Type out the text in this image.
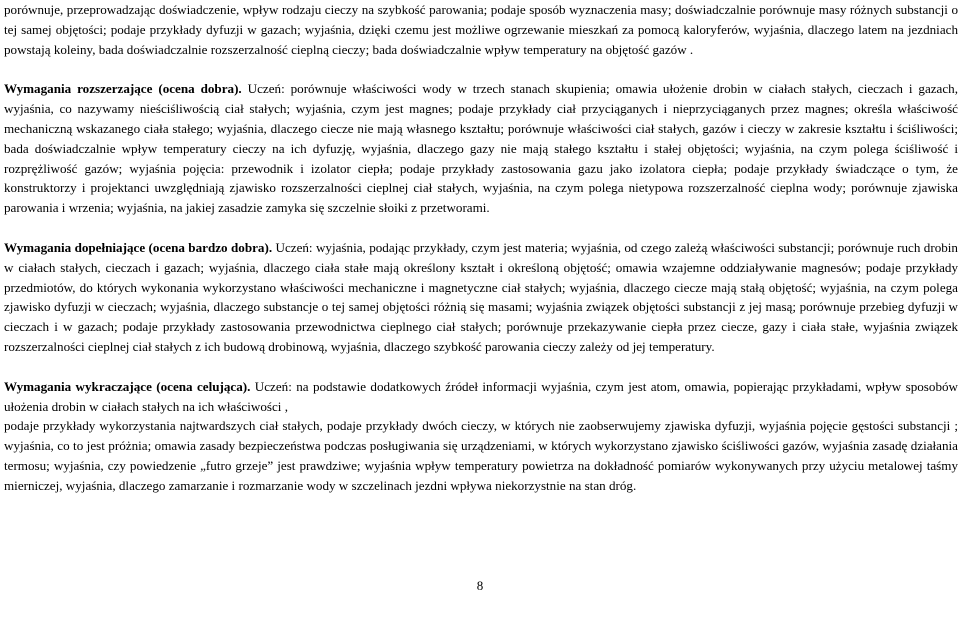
porównuje, przeprowadzając doświadczenie, wpływ rodzaju cieczy na szybkość parowania; podaje sposób wyznaczenia masy; doświadczalnie porównuje masy różnych substancji o tej samej objętości; podaje przykłady dyfuzji w gazach; wyjaśnia, dzięki czemu jest możliwe ogrzewanie mieszkań za pomocą kaloryferów, wyjaśnia, dlaczego latem na jezdniach powstają koleiny, bada doświadczalnie rozszerzalność cieplną cieczy; bada doświadczalnie wpływ temperatury na objętość gazów .

Wymagania rozszerzające (ocena dobra). Uczeń: porównuje właściwości wody w trzech stanach skupienia; omawia ułożenie drobin w ciałach stałych, cieczach i gazach, wyjaśnia, co nazywamy nieściśliwością ciał stałych; wyjaśnia, czym jest magnes; podaje przykłady ciał przyciąganych i nieprzyciąganych przez magnes; określa właściwość mechaniczną wskazanego ciała stałego; wyjaśnia, dlaczego ciecze nie mają własnego kształtu; porównuje właściwości ciał stałych, gazów i cieczy w zakresie kształtu i ściśliwości; bada doświadczalnie wpływ temperatury cieczy na ich dyfuzję, wyjaśnia, dlaczego gazy nie mają stałego kształtu i stałej objętości; wyjaśnia, na czym polega ściśliwość i rozprężliwość gazów; wyjaśnia pojęcia: przewodnik i izolator ciepła; podaje przykłady zastosowania gazu jako izolatora ciepła; podaje przykłady świadczące o tym, że konstruktorzy i projektanci uwzględniają zjawisko rozszerzalności cieplnej ciał stałych, wyjaśnia, na czym polega nietypowa rozszerzalność cieplna wody; porównuje zjawiska parowania i wrzenia; wyjaśnia, na jakiej zasadzie zamyka się szczelnie słoiki z przetworami.

Wymagania dopełniające (ocena bardzo dobra). Uczeń: wyjaśnia, podając przykłady, czym jest materia; wyjaśnia, od czego zależą właściwości substancji; porównuje ruch drobin w ciałach stałych, cieczach i gazach; wyjaśnia, dlaczego ciała stałe mają określony kształt i określoną objętość; omawia wzajemne oddziaływanie magnesów; podaje przykłady przedmiotów, do których wykonania wykorzystano właściwości mechaniczne i magnetyczne ciał stałych; wyjaśnia, dlaczego ciecze mają stałą objętość; wyjaśnia, na czym polega zjawisko dyfuzji w cieczach; wyjaśnia, dlaczego substancje o tej samej objętości różnią się masami; wyjaśnia związek objętości substancji z jej masą; porównuje przebieg dyfuzji w cieczach i w gazach; podaje przykłady zastosowania przewodnictwa cieplnego ciał stałych; porównuje przekazywanie ciepła przez ciecze, gazy i ciała stałe, wyjaśnia związek rozszerzalności cieplnej ciał stałych z ich budową drobinową, wyjaśnia, dlaczego szybkość parowania cieczy zależy od jej temperatury.

Wymagania wykraczające (ocena celująca). Uczeń: na podstawie dodatkowych źródeł informacji wyjaśnia, czym jest atom, omawia, popierając przykładami, wpływ sposobów ułożenia drobin w ciałach stałych na ich właściwości ,

podaje przykłady wykorzystania najtwardszych ciał stałych, podaje przykłady dwóch cieczy, w których nie zaobserwujemy zjawiska dyfuzji, wyjaśnia pojęcie gęstości substancji ; wyjaśnia, co to jest próżnia; omawia zasady bezpieczeństwa podczas posługiwania się urządzeniami, w których wykorzystano zjawisko ściśliwości gazów, wyjaśnia zasadę działania termosu; wyjaśnia, czy powiedzenie „futro grzeje” jest prawdziwe; wyjaśnia wpływ temperatury powietrza na dokładność pomiarów wykonywanych przy użyciu metalowej taśmy mierniczej, wyjaśnia, dlaczego zamarzanie i rozmarzanie wody w szczelinach jezdni wpływa niekorzystnie na stan dróg.

8
